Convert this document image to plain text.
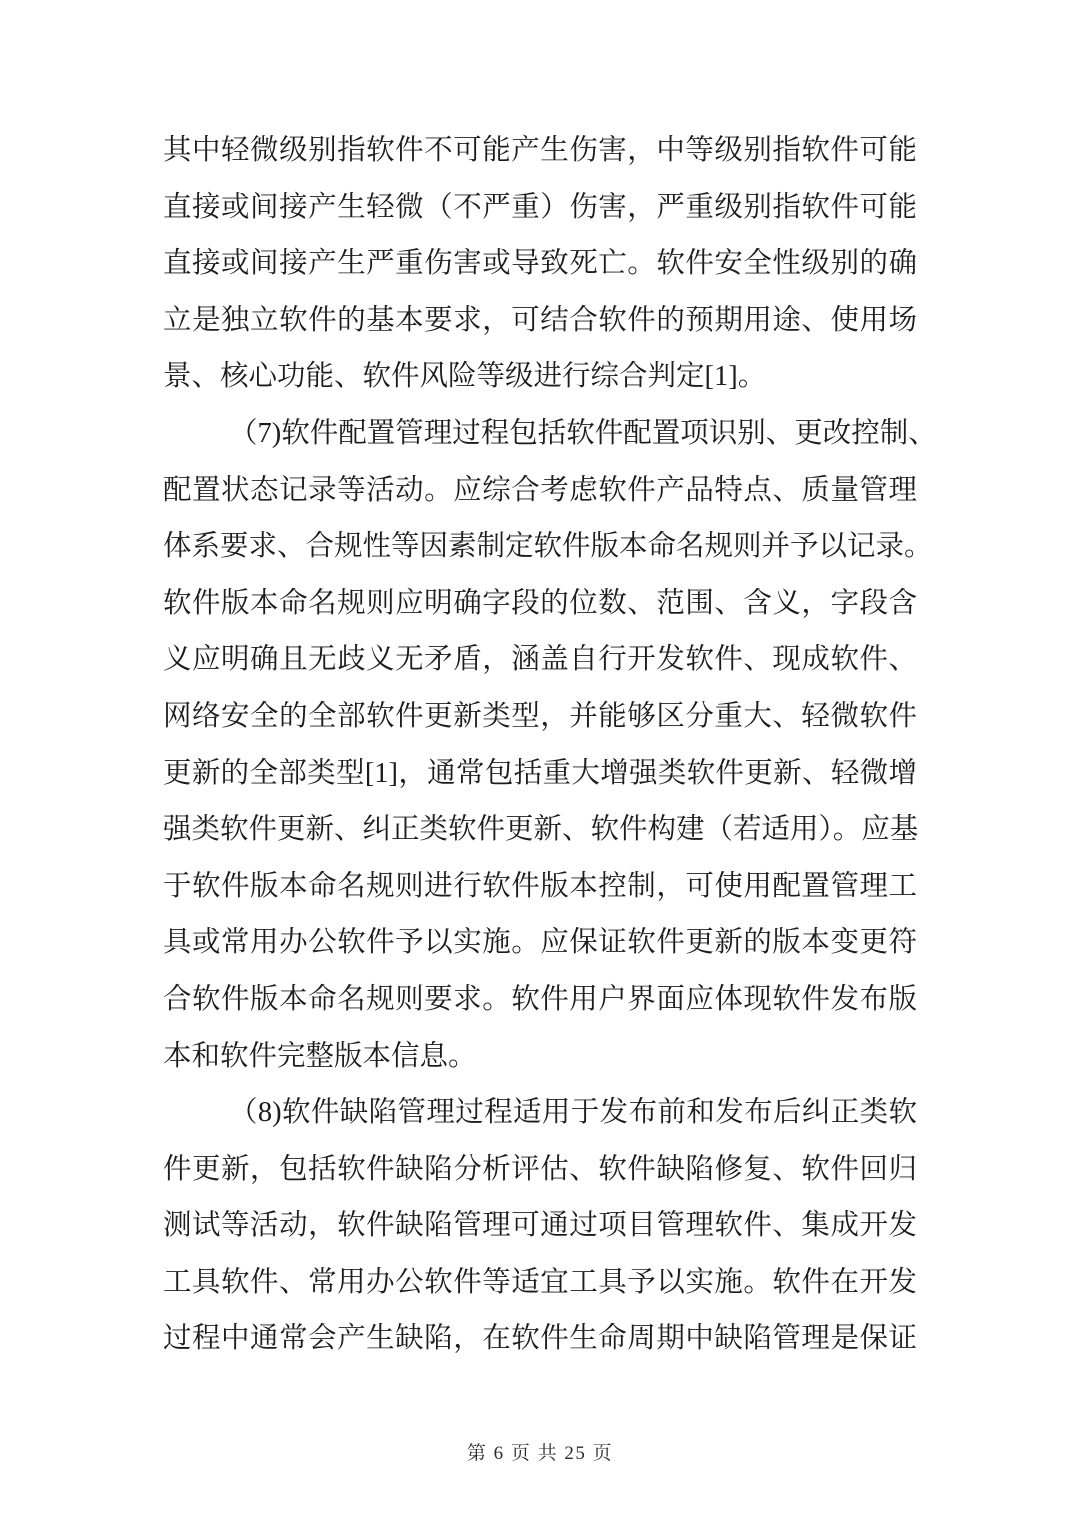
其中轻微级别指软件不可能产生伤害，中等级别指软件可能
直接或间接产生轻微（不严重）伤害，严重级别指软件可能
直接或间接产生严重伤害或导致死亡。软件安全性级别的确
立是独立软件的基本要求，可结合软件的预期用途、使用场
景、核心功能、软件风险等级进行综合判定[1]。
（7)软件配置管理过程包括软件配置项识别、更改控制、
配置状态记录等活动。应综合考虑软件产品特点、质量管理
体系要求、合规性等因素制定软件版本命名规则并予以记录。
软件版本命名规则应明确字段的位数、范围、含义，字段含
义应明确且无歧义无矛盾，涵盖自行开发软件、现成软件、
网络安全的全部软件更新类型，并能够区分重大、轻微软件
更新的全部类型[1]，通常包括重大增强类软件更新、轻微增
强类软件更新、纠正类软件更新、软件构建（若适用）。应基
于软件版本命名规则进行软件版本控制，可使用配置管理工
具或常用办公软件予以实施。应保证软件更新的版本变更符
合软件版本命名规则要求。软件用户界面应体现软件发布版
本和软件完整版本信息。
（8)软件缺陷管理过程适用于发布前和发布后纠正类软
件更新，包括软件缺陷分析评估、软件缺陷修复、软件回归
测试等活动，软件缺陷管理可通过项目管理软件、集成开发
工具软件、常用办公软件等适宜工具予以实施。软件在开发
过程中通常会产生缺陷，在软件生命周期中缺陷管理是保证
第 6 页 共 25 页
